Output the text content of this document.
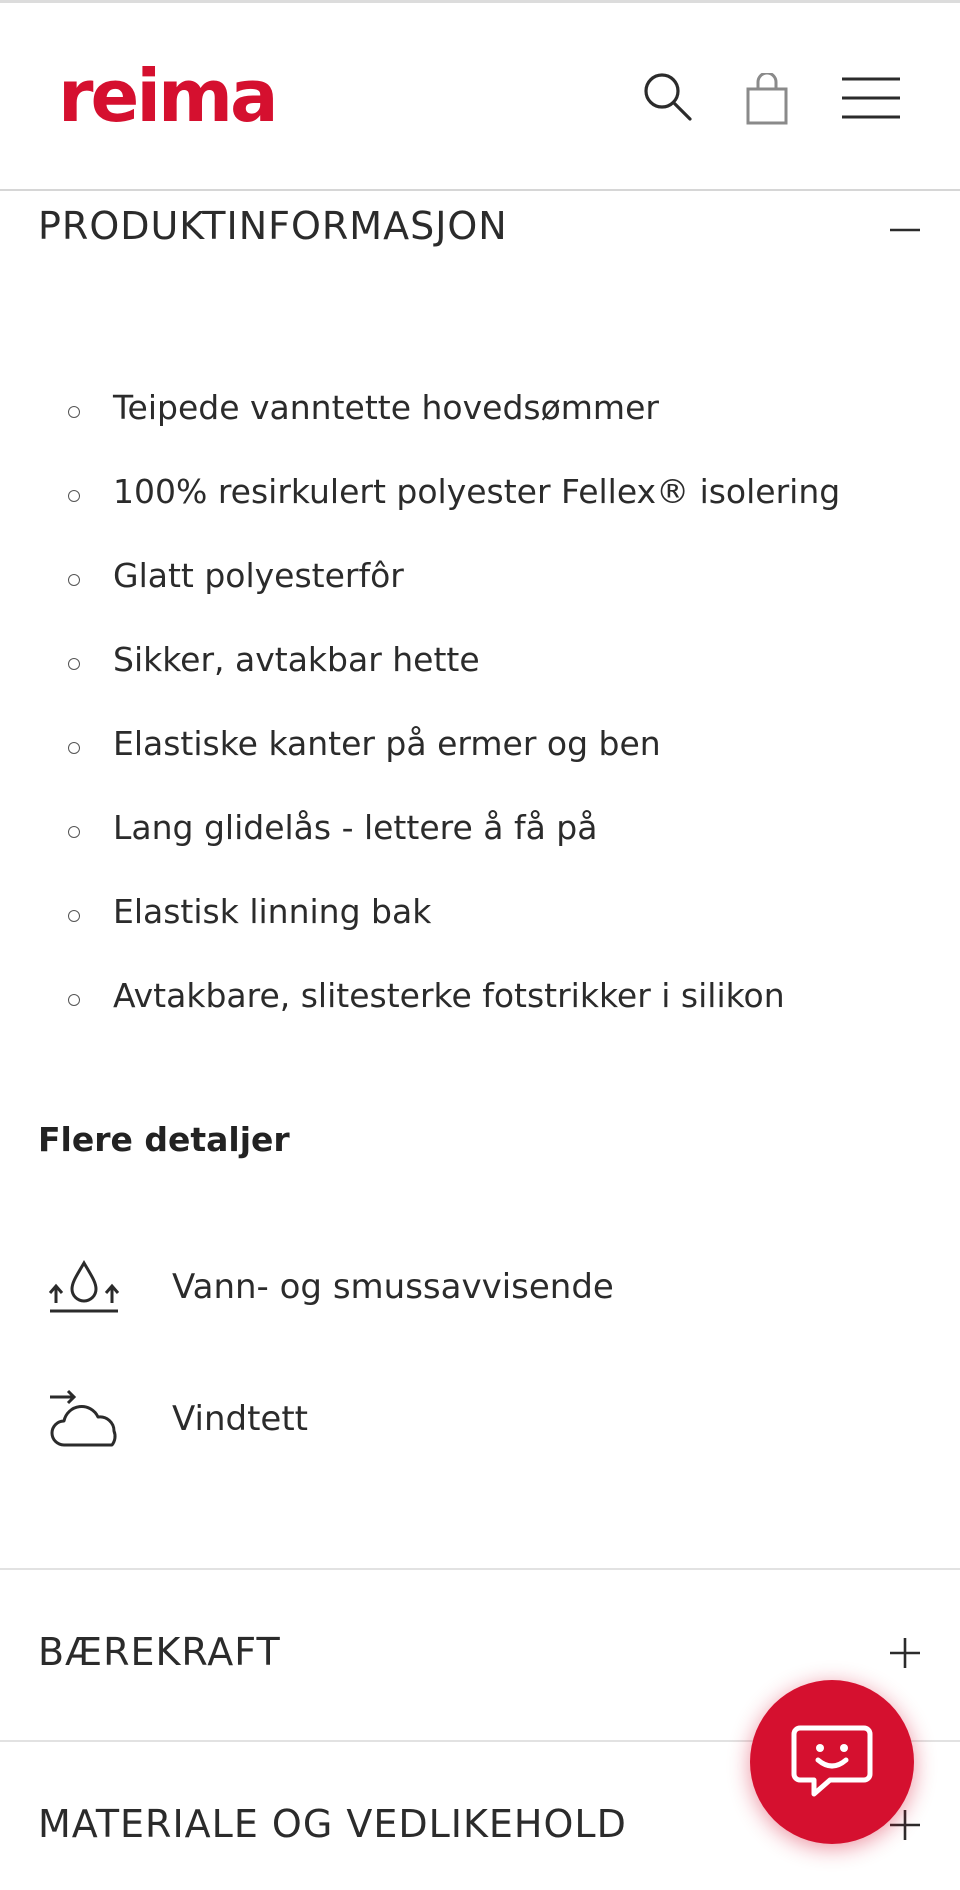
reima
PRODUKTINFORMASJON
Teipede vanntette hovedsømmer
100% resirkulert polyester Fellex® isolering
Glatt polyesterfôr
Sikker, avtakbar hette
Elastiske kanter på ermer og ben
Lang glidelås - lettere å få på
Elastisk linning bak
Avtakbare, slitesterke fotstrikker i silikon
Flere detaljer
Vann- og smussavvisende
Vindtett
BÆREKRAFT
MATERIALE OG VEDLIKEHOLD
